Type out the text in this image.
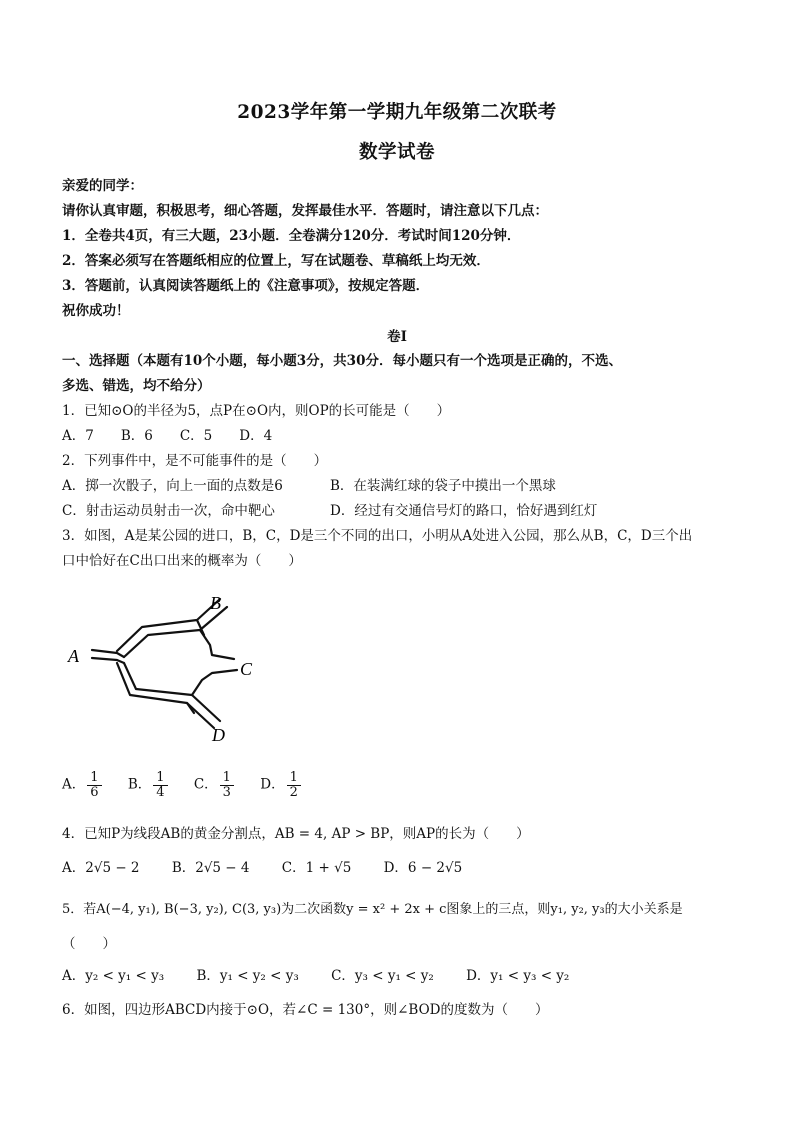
2023学年第一学期九年级第二次联考
数学试卷
亲爱的同学：
请你认真审题，积极思考，细心答题，发挥最佳水平．答题时，请注意以下几点：
1．全卷共4页，有三大题，23小题．全卷满分120分．考试时间120分钟．
2．答案必须写在答题纸相应的位置上，写在试题卷、草稿纸上均无效．
3．答题前，认真阅读答题纸上的《注意事项》，按规定答题．
祝你成功！
卷Ⅰ
一、选择题（本题有10个小题，每小题3分，共30分．每小题只有一个选项是正确的，不选、
多选、错选，均不给分）
1．已知⊙O的半径为5，点P在⊙O内，则OP的长可能是（　　）
A．7　　B．6　　C．5　　D．4
2．下列事件中，是不可能事件的是（　　）
A．掷一次骰子，向上一面的点数是6	B．在装满红球的袋子中摸出一个黑球
C．射击运动员射击一次，命中靶心	D．经过有交通信号灯的路口，恰好遇到红灯
3．如图，A是某公园的进口，B，C，D是三个不同的出口，小明从A处进入公园，那么从B，C，D三个出
口中恰好在C出口出来的概率为（　　）
B
A
C
D
A． $\frac{1}{6}$ B． $\frac{1}{4}$ C． $\frac{1}{3}$ D． $\frac{1}{2}$
4．已知P为线段AB的黄金分割点，AB = 4, AP > BP，则AP的长为（　　）
A．2√5 − 2 B．2√5 − 4 C．1 + √5 D．6 − 2√5
5．若A(−4, y₁), B(−3, y₂), C(3, y₃)为二次函数y = x² + 2x + c图象上的三点，则y₁, y₂, y₃的大小关系是
（　　）
A．y₂ < y₁ < y₃ B．y₁ < y₂ < y₃ C．y₃ < y₁ < y₂ D．y₁ < y₃ < y₂
6．如图，四边形ABCD内接于⊙O，若∠C = 130°，则∠BOD的度数为（　　）
